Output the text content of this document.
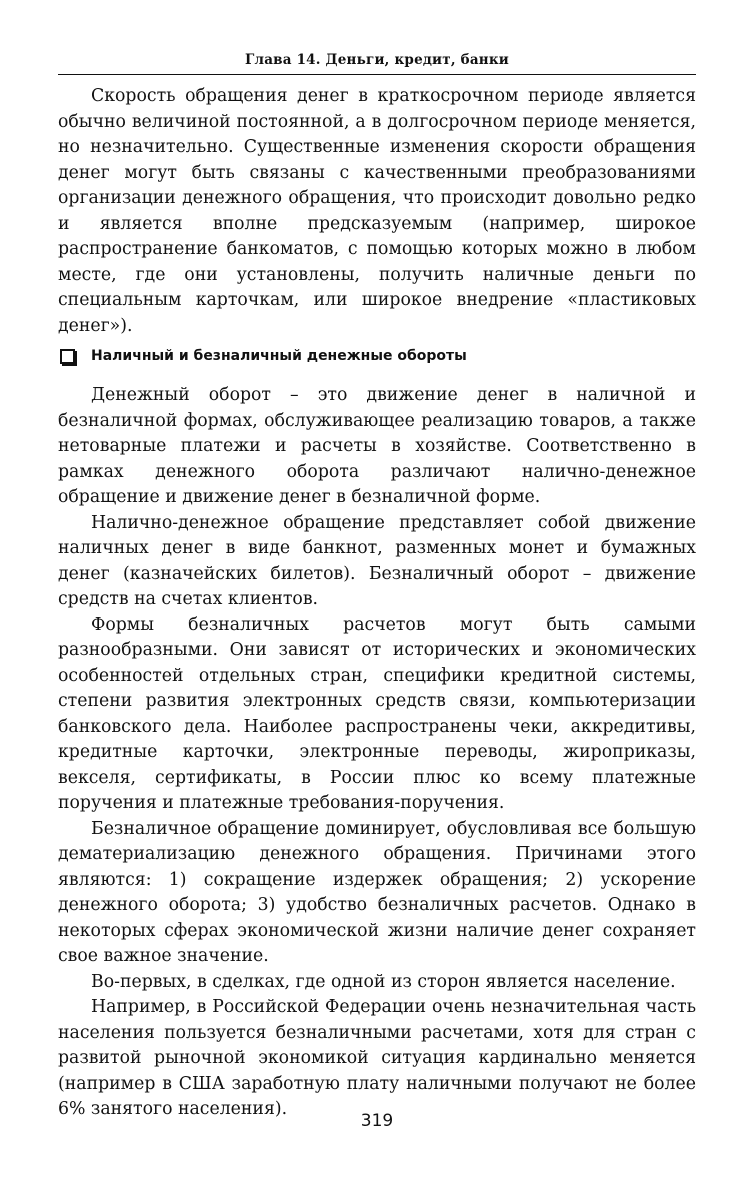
Глава 14. Деньги, кредит, банки

Скорость обращения денег в краткосрочном периоде является обычно величиной постоянной, а в долгосрочном периоде меняется, но незначительно. Существенные изменения скорости обращения денег могут быть связаны с качественными преобразованиями организации денежного обращения, что происходит довольно редко и является вполне предсказуемым (например, широкое распространение банкоматов, с помощью которых можно в любом месте, где они установлены, получить наличные деньги по специальным карточкам, или широкое внедрение «пластиковых денег»).

Наличный и безналичный денежные обороты

Денежный оборот – это движение денег в наличной и безналичной формах, обслуживающее реализацию товаров, а также нетоварные платежи и расчеты в хозяйстве. Соответственно в рамках денежного оборота различают налично-денежное обращение и движение денег в безналичной форме.

Налично-денежное обращение представляет собой движение наличных денег в виде банкнот, разменных монет и бумажных денег (казначейских билетов). Безналичный оборот – движение средств на счетах клиентов.

Формы безналичных расчетов могут быть самыми разнообразными. Они зависят от исторических и экономических особенностей отдельных стран, специфики кредитной системы, степени развития электронных средств связи, компьютеризации банковского дела. Наиболее распространены чеки, аккредитивы, кредитные карточки, электронные переводы, жироприказы, векселя, сертификаты, в России плюс ко всему платежные поручения и платежные требования-поручения.

Безналичное обращение доминирует, обусловливая все большую дематериализацию денежного обращения. Причинами этого являются: 1) сокращение издержек обращения; 2) ускорение денежного оборота; 3) удобство безналичных расчетов. Однако в некоторых сферах экономической жизни наличие денег сохраняет свое важное значение.

Во-первых, в сделках, где одной из сторон является население.

Например, в Российской Федерации очень незначительная часть населения пользуется безналичными расчетами, хотя для стран с развитой рыночной экономикой ситуация кардинально меняется (например в США заработную плату наличными получают не более 6% занятого населения).

319
